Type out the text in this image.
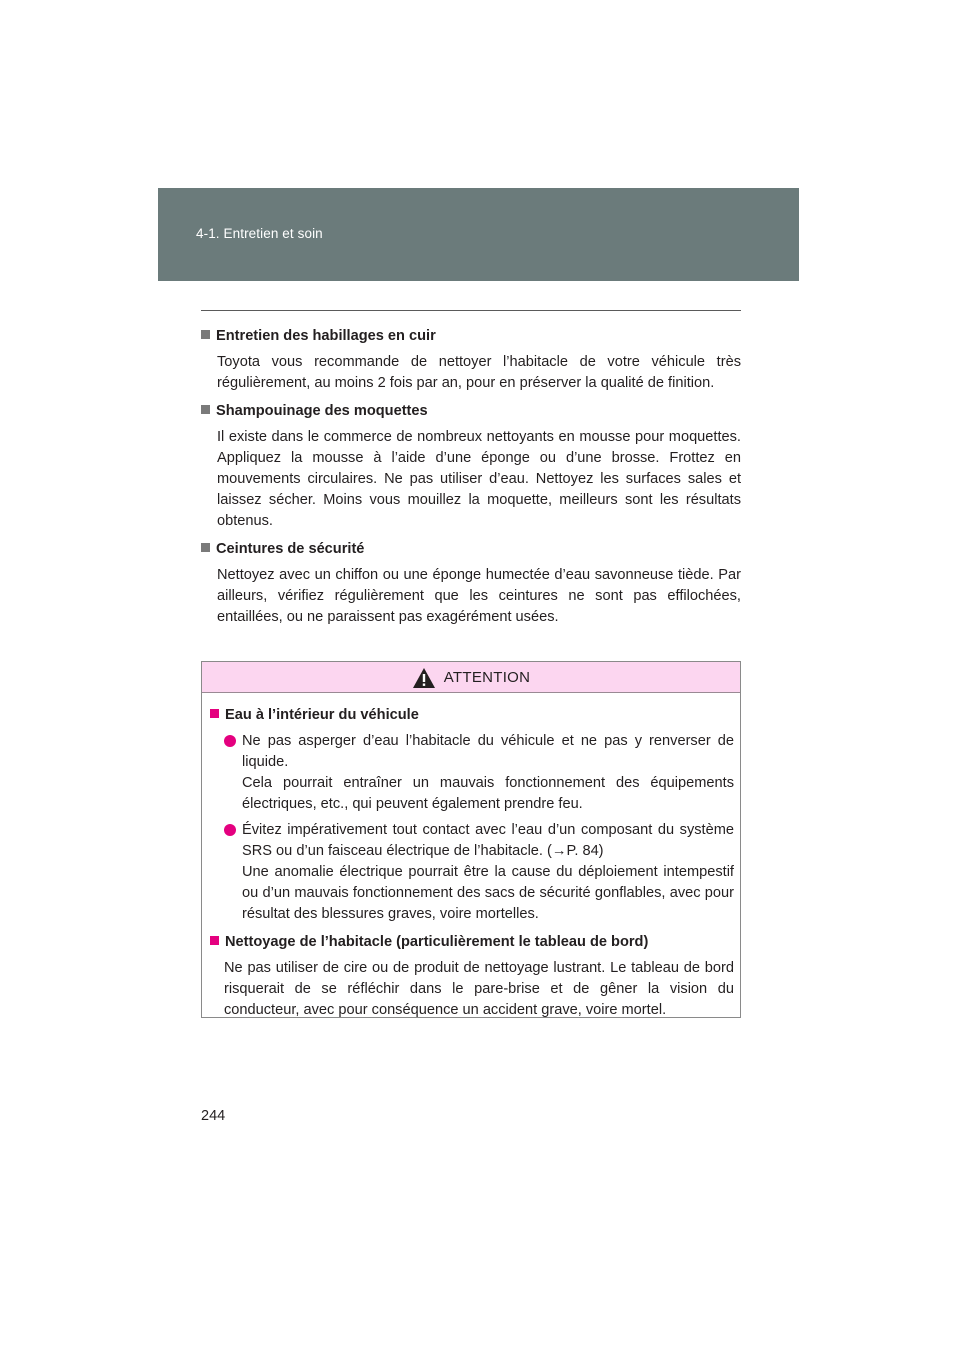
4-1. Entretien et soin
Entretien des habillages en cuir
Toyota vous recommande de nettoyer l’habitacle de votre véhicule très régulièrement, au moins 2 fois par an, pour en préserver la qualité de finition.
Shampouinage des moquettes
Il existe dans le commerce de nombreux nettoyants en mousse pour moquettes. Appliquez la mousse à l’aide d’une éponge ou d’une brosse. Frottez en mouvements circulaires. Ne pas utiliser d’eau. Nettoyez les surfaces sales et laissez sécher. Moins vous mouillez la moquette, meilleurs sont les résultats obtenus.
Ceintures de sécurité
Nettoyez avec un chiffon ou une éponge humectée d’eau savonneuse tiède. Par ailleurs, vérifiez régulièrement que les ceintures ne sont pas effilochées, entaillées, ou ne paraissent pas exagérément usées.
ATTENTION
Eau à l’intérieur du véhicule
Ne pas asperger d’eau l’habitacle du véhicule et ne pas y renverser de liquide.
Cela pourrait entraîner un mauvais fonctionnement des équipements électriques, etc., qui peuvent également prendre feu.
Évitez impérativement tout contact avec l’eau d’un composant du système SRS ou d’un faisceau électrique de l’habitacle. (→P. 84)
Une anomalie électrique pourrait être la cause du déploiement intempestif ou d’un mauvais fonctionnement des sacs de sécurité gonflables, avec pour résultat des blessures graves, voire mortelles.
Nettoyage de l’habitacle (particulièrement le tableau de bord)
Ne pas utiliser de cire ou de produit de nettoyage lustrant. Le tableau de bord risquerait de se réfléchir dans le pare-brise et de gêner la vision du conducteur, avec pour conséquence un accident grave, voire mortel.
244
